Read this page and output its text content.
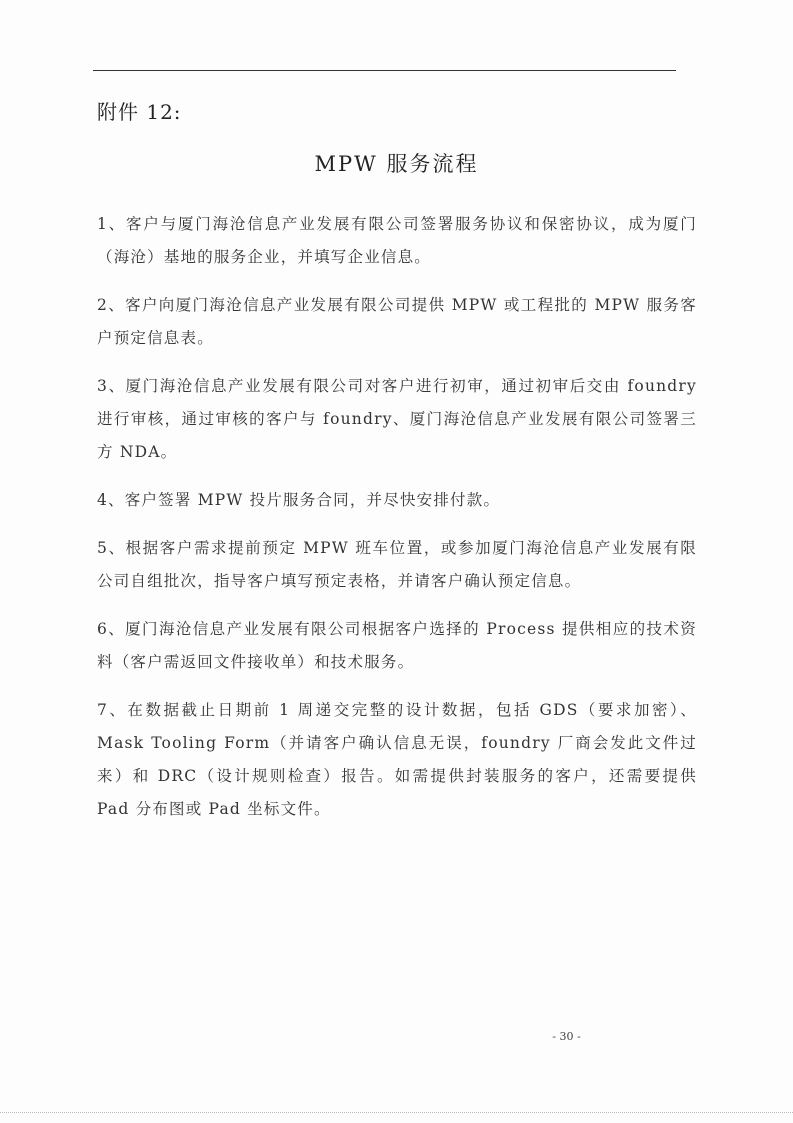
附件 12:
MPW 服务流程

1、客户与厦门海沧信息产业发展有限公司签署服务协议和保密协议，成为厦门（海沧）基地的服务企业，并填写企业信息。

2、客户向厦门海沧信息产业发展有限公司提供 MPW 或工程批的 MPW 服务客户预定信息表。

3、厦门海沧信息产业发展有限公司对客户进行初审，通过初审后交由 foundry 进行审核，通过审核的客户与 foundry、厦门海沧信息产业发展有限公司签署三方 NDA。

4、客户签署 MPW 投片服务合同，并尽快安排付款。

5、根据客户需求提前预定 MPW 班车位置，或参加厦门海沧信息产业发展有限公司自组批次，指导客户填写预定表格，并请客户确认预定信息。

6、厦门海沧信息产业发展有限公司根据客户选择的 Process 提供相应的技术资料（客户需返回文件接收单）和技术服务。

7、在数据截止日期前 1 周递交完整的设计数据，包括 GDS（要求加密）、Mask Tooling Form（并请客户确认信息无误，foundry 厂商会发此文件过来）和 DRC（设计规则检查）报告。如需提供封装服务的客户，还需要提供 Pad 分布图或 Pad 坐标文件。

- 30 -
